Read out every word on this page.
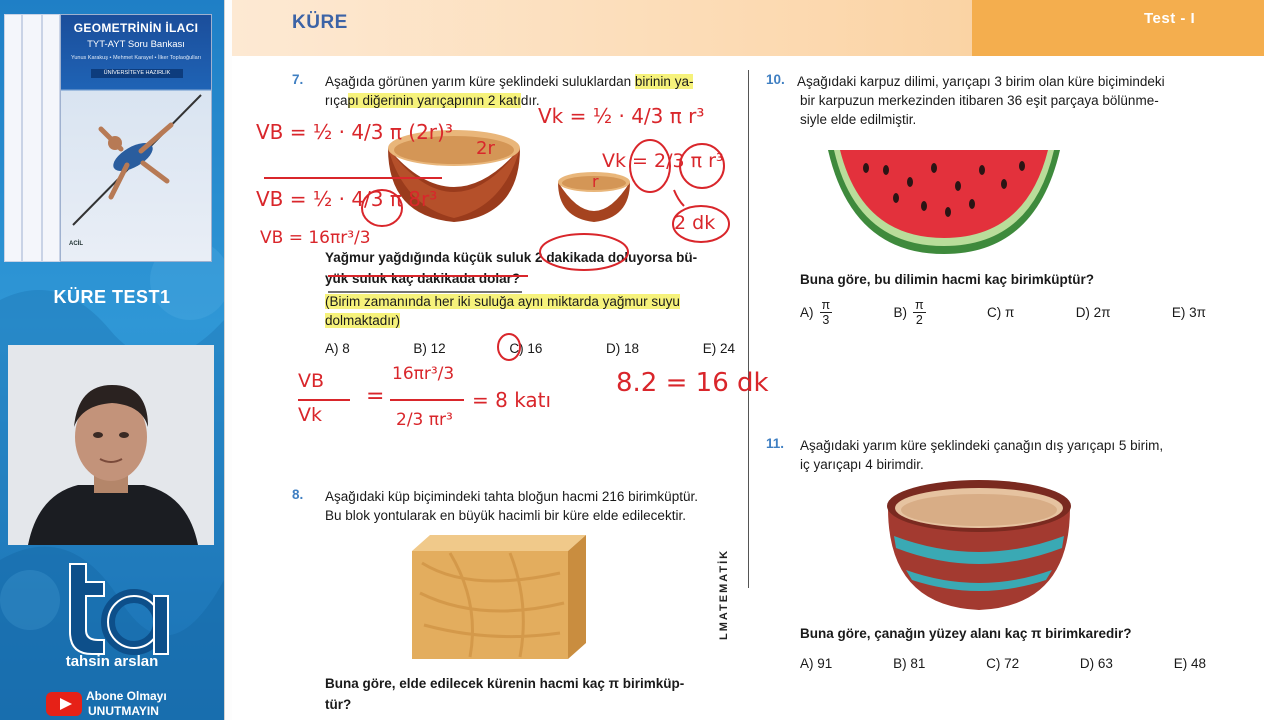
GEOMETRİNİN İLACI
TYT-AYT Soru Bankası
Yunus Karakuş • Mehmet Karayel • İlker Toplaoğulları
ÜNİVERSİTEYE HAZIRLIK
ACİL
KÜRE TEST1
tahsin arslan
Abone Olmayı
UNUTMAYIN
KÜRE	Test - I
LMATEMATİK
7. Aşağıda görünen yarım küre şeklindeki suluklardan birinin ya-
rıçapı diğerinin yarıçapının 2 katıdır.
Yağmur yağdığında küçük suluk 2 dakikada doluyorsa bü-
yük suluk kaç dakikada dolar?
(Birim zamanında her iki suluğa aynı miktarda yağmur suyu
dolmaktadır)
A) 8	B) 12	C) 16	D) 18	E) 24
8. Aşağıdaki küp biçimindeki tahta bloğun hacmi 216 birimküptür.
Bu blok yontularak en büyük hacimli bir küre elde edilecektir.
Buna göre, elde edilecek kürenin hacmi kaç π birimküp-
tür?
10. Aşağıdaki karpuz dilimi, yarıçapı 3 birim olan küre biçimindeki
bir karpuzun merkezinden itibaren 36 eşit parçaya bölünme-
siyle elde edilmiştir.
Buna göre, bu dilimin hacmi kaç birimküptür?
$A) \frac{\pi}{3}$	$B) \frac{\pi}{2}$	C) π	D) 2π	E) 3π
11. Aşağıdaki yarım küre şeklindeki çanağın dış yarıçapı 5 birim,
iç yarıçapı 4 birimdir.
Buna göre, çanağın yüzey alanı kaç π birimkaredir?
A) 91	B) 81	C) 72	D) 63	E) 48
VB = ½ · 4/3 π (2r)³
VB = ½ · 4/3 π 8r³
VB = 16πr³/3
Vk = ½ · 4/3 π r³
Vk = 2/3 π r³
2 dk
2r
r
VB
Vk
=
16πr³/3
2/3 πr³
= 8 katı
8.2 = 16 dk
